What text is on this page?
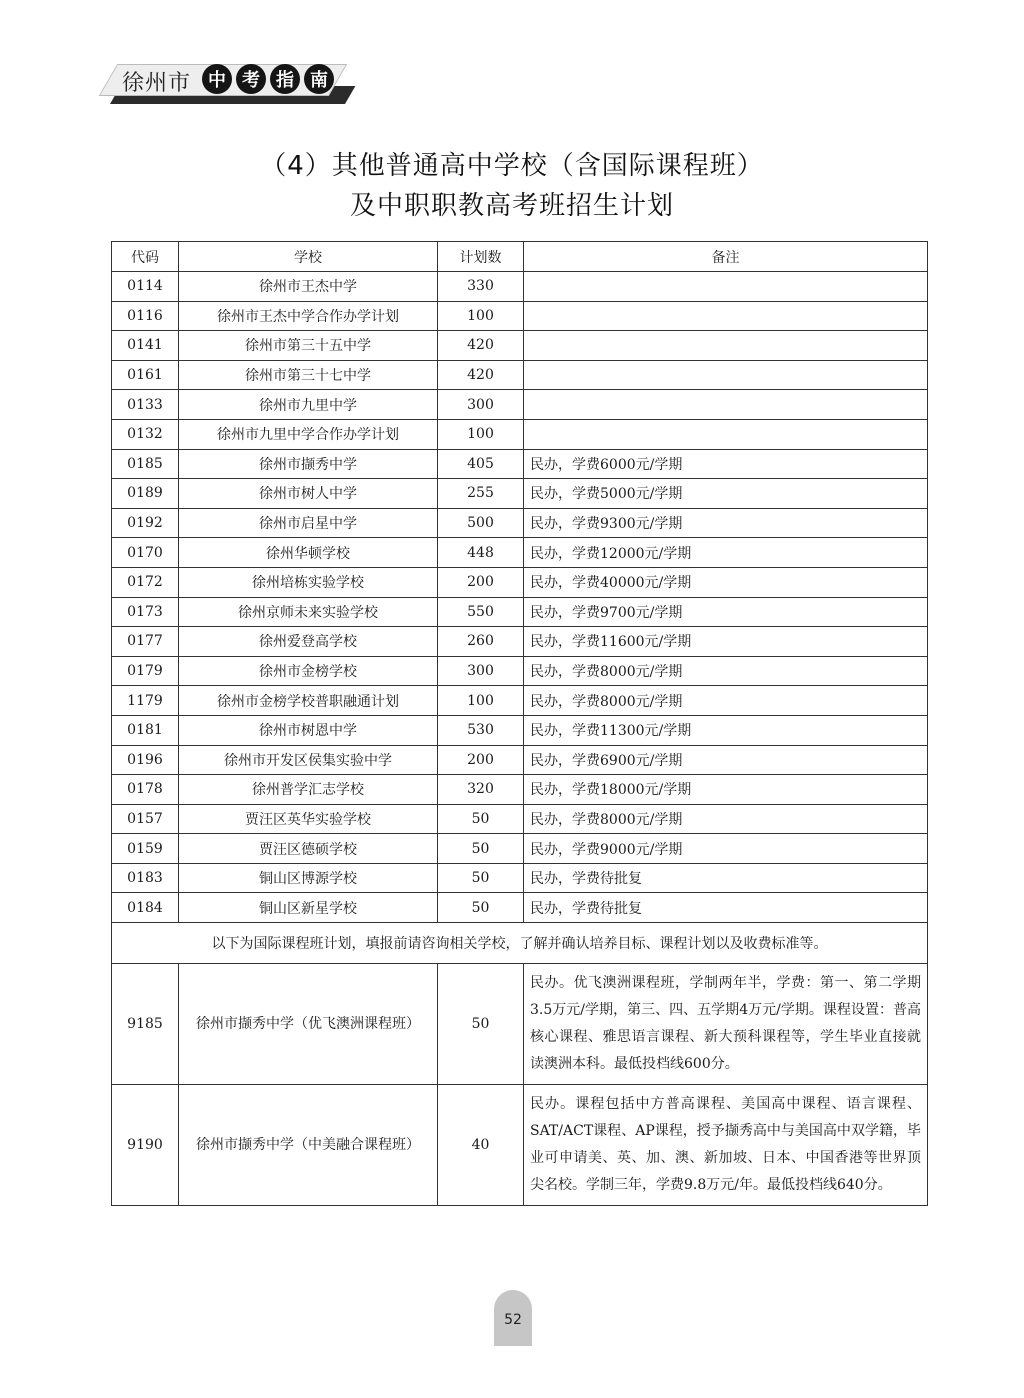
徐州市 中 考 指 南
（4）其他普通高中学校（含国际课程班）
及中职职教高考班招生计划
代码	学校	计划数	备注
0114	徐州市王杰中学	330	
0116	徐州市王杰中学合作办学计划	100	
0141	徐州市第三十五中学	420	
0161	徐州市第三十七中学	420	
0133	徐州市九里中学	300	
0132	徐州市九里中学合作办学计划	100	
0185	徐州市撷秀中学	405	民办，学费6000元/学期
0189	徐州市树人中学	255	民办，学费5000元/学期
0192	徐州市启星中学	500	民办，学费9300元/学期
0170	徐州华顿学校	448	民办，学费12000元/学期
0172	徐州培栋实验学校	200	民办，学费40000元/学期
0173	徐州京师未来实验学校	550	民办，学费9700元/学期
0177	徐州爱登高学校	260	民办，学费11600元/学期
0179	徐州市金榜学校	300	民办，学费8000元/学期
1179	徐州市金榜学校普职融通计划	100	民办，学费8000元/学期
0181	徐州市树恩中学	530	民办，学费11300元/学期
0196	徐州市开发区侯集实验中学	200	民办，学费6900元/学期
0178	徐州普学汇志学校	320	民办，学费18000元/学期
0157	贾汪区英华实验学校	50	民办，学费8000元/学期
0159	贾汪区德硕学校	50	民办，学费9000元/学期
0183	铜山区博源学校	50	民办，学费待批复
0184	铜山区新星学校	50	民办，学费待批复
以下为国际课程班计划，填报前请咨询相关学校，了解并确认培养目标、课程计划以及收费标准等。			
9185	徐州市撷秀中学（优飞澳洲课程班）	50	民办。优飞澳洲课程班，学制两年半，学费：第一、第二学期3.5万元/学期，第三、四、五学期4万元/学期。课程设置：普高核心课程、雅思语言课程、新大预科课程等，学生毕业直接就读澳洲本科。最低投档线600分。
9190	徐州市撷秀中学（中美融合课程班）	40	民办。课程包括中方普高课程、美国高中课程、语言课程、SAT/ACT课程、AP课程，授予撷秀高中与美国高中双学籍，毕业可申请美、英、加、澳、新加坡、日本、中国香港等世界顶尖名校。学制三年，学费9.8万元/年。最低投档线640分。
52
